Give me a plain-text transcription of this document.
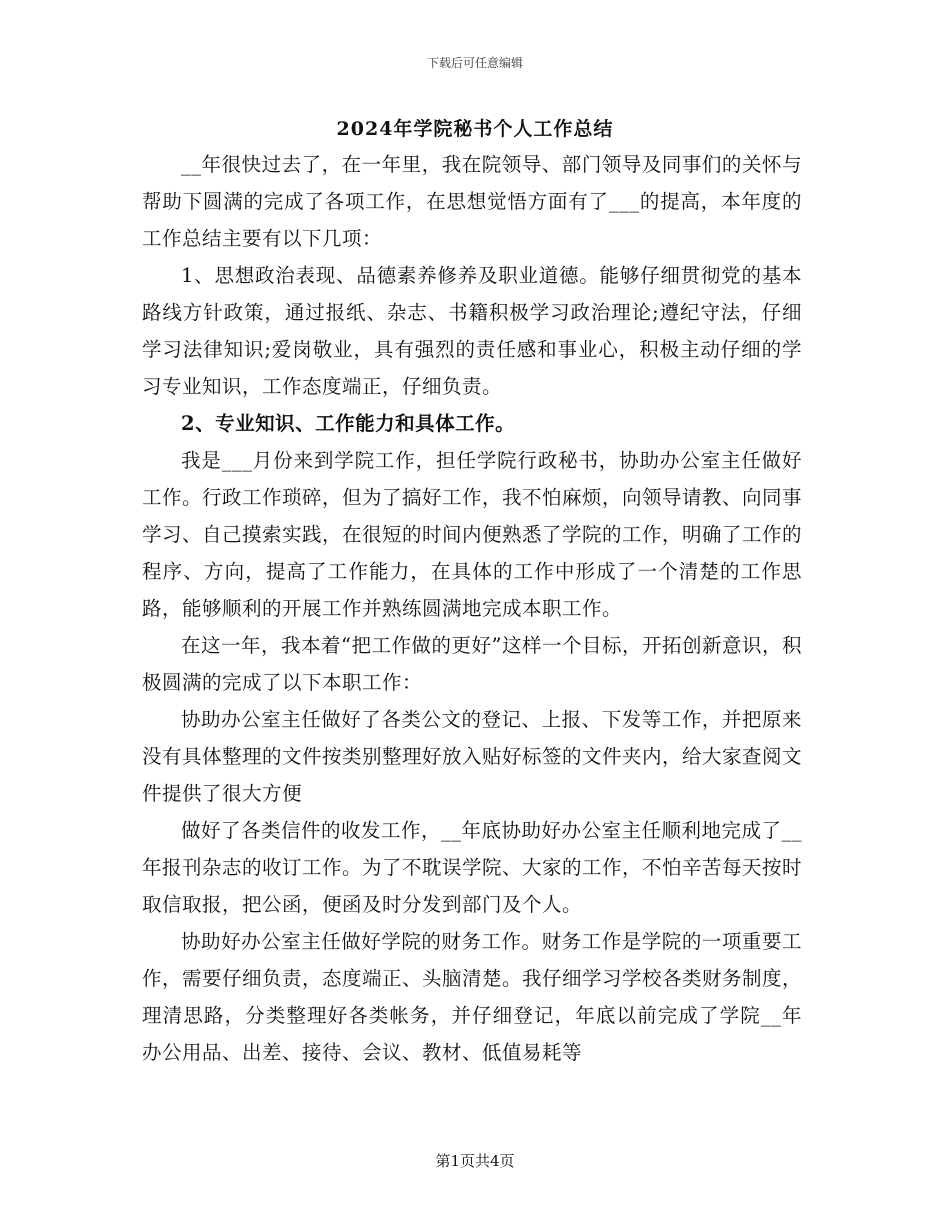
下载后可任意编辑
2024年学院秘书个人工作总结

__年很快过去了，在一年里，我在院领导、部门领导及同事们的关怀与帮助下圆满的完成了各项工作，在思想觉悟方面有了___的提高，本年度的工作总结主要有以下几项：

1、思想政治表现、品德素养修养及职业道德。能够仔细贯彻党的基本路线方针政策，通过报纸、杂志、书籍积极学习政治理论;遵纪守法，仔细学习法律知识;爱岗敬业，具有强烈的责任感和事业心，积极主动仔细的学习专业知识，工作态度端正，仔细负责。

2、专业知识、工作能力和具体工作。

我是___月份来到学院工作，担任学院行政秘书，协助办公室主任做好工作。行政工作琐碎，但为了搞好工作，我不怕麻烦，向领导请教、向同事学习、自己摸索实践，在很短的时间内便熟悉了学院的工作，明确了工作的程序、方向，提高了工作能力，在具体的工作中形成了一个清楚的工作思路，能够顺利的开展工作并熟练圆满地完成本职工作。

在这一年，我本着“把工作做的更好”这样一个目标，开拓创新意识，积极圆满的完成了以下本职工作：

协助办公室主任做好了各类公文的登记、上报、下发等工作，并把原来没有具体整理的文件按类别整理好放入贴好标签的文件夹内，给大家查阅文件提供了很大方便

做好了各类信件的收发工作，__年底协助好办公室主任顺利地完成了__年报刊杂志的收订工作。为了不耽误学院、大家的工作，不怕辛苦每天按时取信取报，把公函，便函及时分发到部门及个人。

协助好办公室主任做好学院的财务工作。财务工作是学院的一项重要工作，需要仔细负责，态度端正、头脑清楚。我仔细学习学校各类财务制度，理清思路，分类整理好各类帐务，并仔细登记，年底以前完成了学院__年办公用品、出差、接待、会议、教材、低值易耗等

第1页共4页
